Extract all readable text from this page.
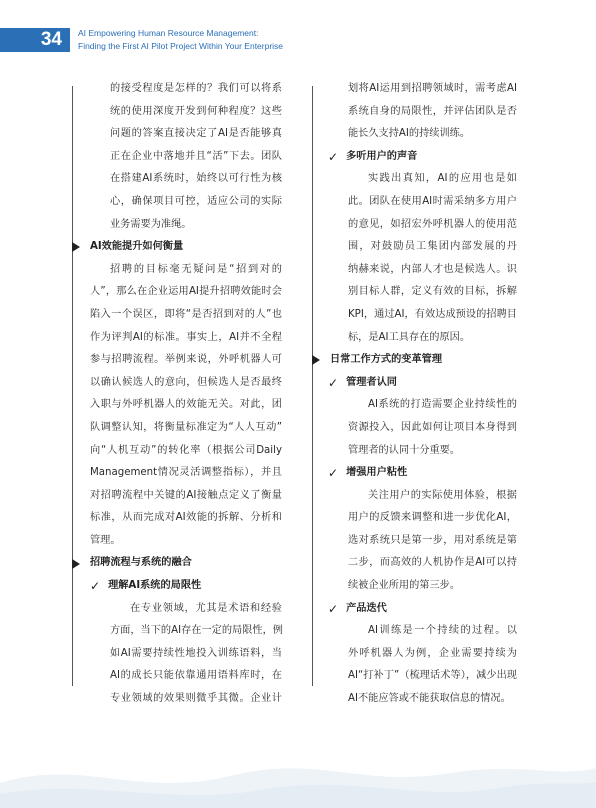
34	AI Empowering Human Resource Management:
Finding the First AI Pilot Project Within Your Enterprise
的接受程度是怎样的？我们可以将系
统的使用深度开发到何种程度？这些
问题的答案直接决定了AI是否能够真
正在企业中落地并且“活”下去。团队
在搭建AI系统时，始终以可行性为核
心，确保项目可控，适应公司的实际
业务需要为准绳。
AI效能提升如何衡量
招聘的目标毫无疑问是“招到对的
人”，那么在企业运用AI提升招聘效能时会
陷入一个误区，即将“是否招到对的人”也
作为评判AI的标准。事实上，AI并不全程
参与招聘流程。举例来说，外呼机器人可
以确认候选人的意向，但候选人是否最终
入职与外呼机器人的效能无关。对此，团
队调整认知，将衡量标准定为“人人互动”
向“人机互动”的转化率（根据公司Daily
Management情况灵活调整指标），并且
对招聘流程中关键的AI接触点定义了衡量
标准，从而完成对AI效能的拆解、分析和
管理。
招聘流程与系统的融合
✓ 理解AI系统的局限性
在专业领域，尤其是术语和经验
方面，当下的AI存在一定的局限性，例
如AI需要持续性地投入训练语料，当
AI的成长只能依靠通用语料库时，在
专业领域的效果则微乎其微。企业计
划将AI运用到招聘领域时，需考虑AI
系统自身的局限性，并评估团队是否
能长久支持AI的持续训练。
✓ 多听用户的声音
实践出真知，AI的应用也是如
此。团队在使用AI时需采纳多方用户
的意见，如招宏外呼机器人的使用范
围，对鼓励员工集团内部发展的丹
纳赫来说，内部人才也是候选人。识
别目标人群，定义有效的目标，拆解
KPI，通过AI，有效达成预设的招聘目
标，是AI工具存在的原因。
日常工作方式的变革管理
✓ 管理者认同
AI系统的打造需要企业持续性的
资源投入，因此如何让项目本身得到
管理者的认同十分重要。
✓ 增强用户粘性
关注用户的实际使用体验，根据
用户的反馈来调整和进一步优化AI，
选对系统只是第一步，用对系统是第
二步，而高效的人机协作是AI可以持
续被企业所用的第三步。
✓ 产品迭代
AI训练是一个持续的过程。以
外呼机器人为例，企业需要持续为
AI“打补丁”（梳理话术等），减少出现
AI不能应答或不能获取信息的情况。
